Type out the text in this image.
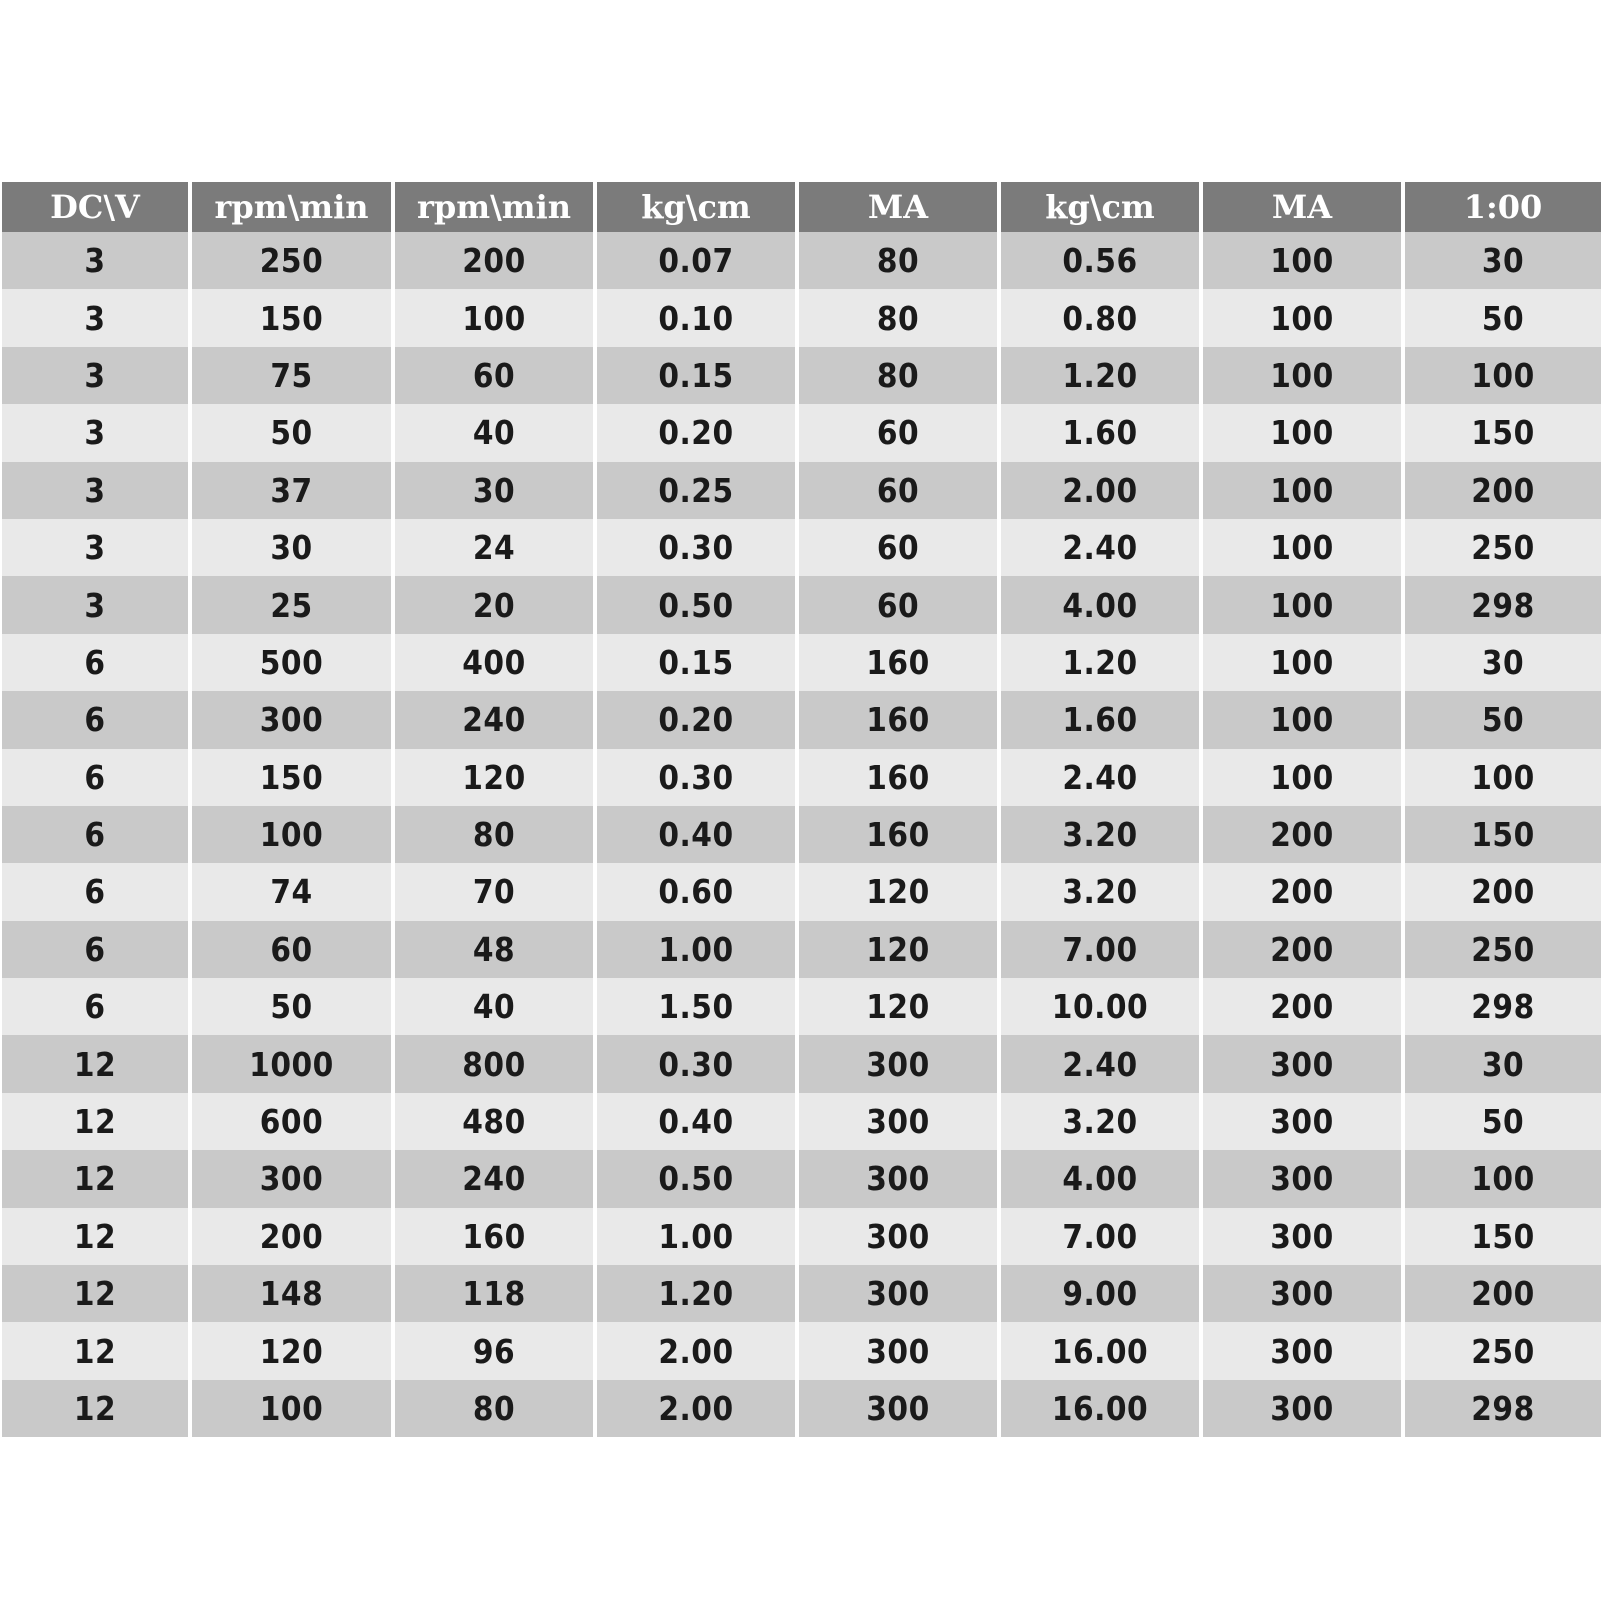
DC\V	rpm\min	rpm\min	kg\cm	MA	kg\cm	MA	1:00
3	250	200	0.07	80	0.56	100	30
3	150	100	0.10	80	0.80	100	50
3	75	60	0.15	80	1.20	100	100
3	50	40	0.20	60	1.60	100	150
3	37	30	0.25	60	2.00	100	200
3	30	24	0.30	60	2.40	100	250
3	25	20	0.50	60	4.00	100	298
6	500	400	0.15	160	1.20	100	30
6	300	240	0.20	160	1.60	100	50
6	150	120	0.30	160	2.40	100	100
6	100	80	0.40	160	3.20	200	150
6	74	70	0.60	120	3.20	200	200
6	60	48	1.00	120	7.00	200	250
6	50	40	1.50	120	10.00	200	298
12	1000	800	0.30	300	2.40	300	30
12	600	480	0.40	300	3.20	300	50
12	300	240	0.50	300	4.00	300	100
12	200	160	1.00	300	7.00	300	150
12	148	118	1.20	300	9.00	300	200
12	120	96	2.00	300	16.00	300	250
12	100	80	2.00	300	16.00	300	298
